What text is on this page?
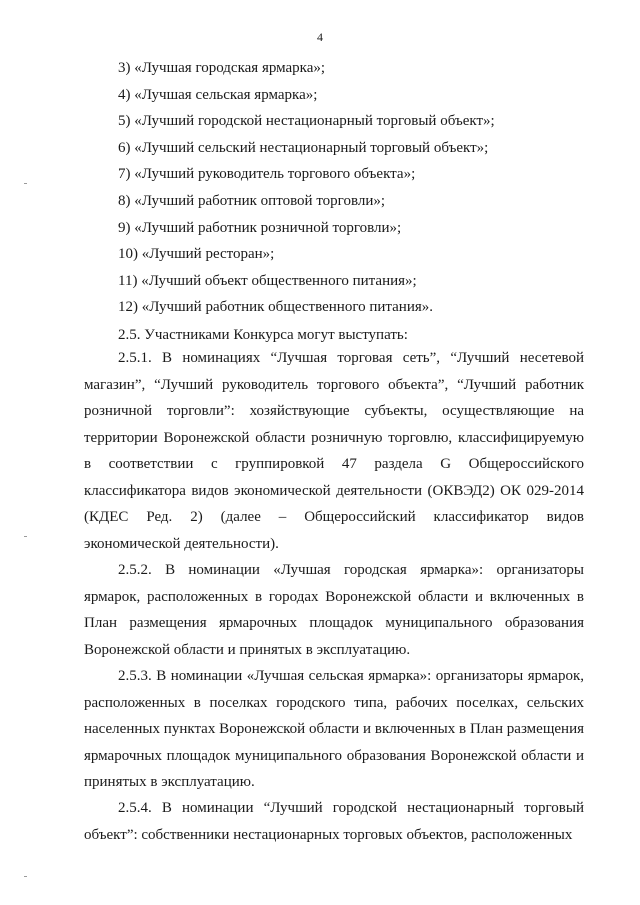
4
3) «Лучшая городская ярмарка»;
4) «Лучшая сельская ярмарка»;
5) «Лучший городской нестационарный торговый объект»;
6) «Лучший сельский нестационарный торговый объект»;
7) «Лучший руководитель торгового объекта»;
8) «Лучший работник оптовой торговли»;
9) «Лучший работник розничной торговли»;
10) «Лучший ресторан»;
11) «Лучший объект общественного питания»;
12) «Лучший работник общественного питания».
2.5. Участниками Конкурса могут выступать:

2.5.1. В номинациях “Лучшая торговая сеть”, “Лучший несетевой магазин”, “Лучший руководитель торгового объекта”, “Лучший работник розничной торговли”: хозяйствующие субъекты, осуществляющие на территории Воронежской области розничную торговлю, классифицируемую в соответствии с группировкой 47 раздела G Общероссийского классификатора видов экономической деятельности (ОКВЭД2) ОК 029-2014 (КДЕС Ред. 2) (далее – Общероссийский классификатор видов экономической деятельности).

2.5.2. В номинации «Лучшая городская ярмарка»: организаторы ярмарок, расположенных в городах Воронежской области и включенных в План размещения ярмарочных площадок муниципального образования Воронежской области и принятых в эксплуатацию.

2.5.3. В номинации «Лучшая сельская ярмарка»: организаторы ярмарок, расположенных в поселках городского типа, рабочих поселках, сельских населенных пунктах Воронежской области и включенных в План размещения ярмарочных площадок муниципального образования Воронежской области и принятых в эксплуатацию.

2.5.4. В номинации “Лучший городской нестационарный торговый объект”: собственники нестационарных торговых объектов, расположенных
